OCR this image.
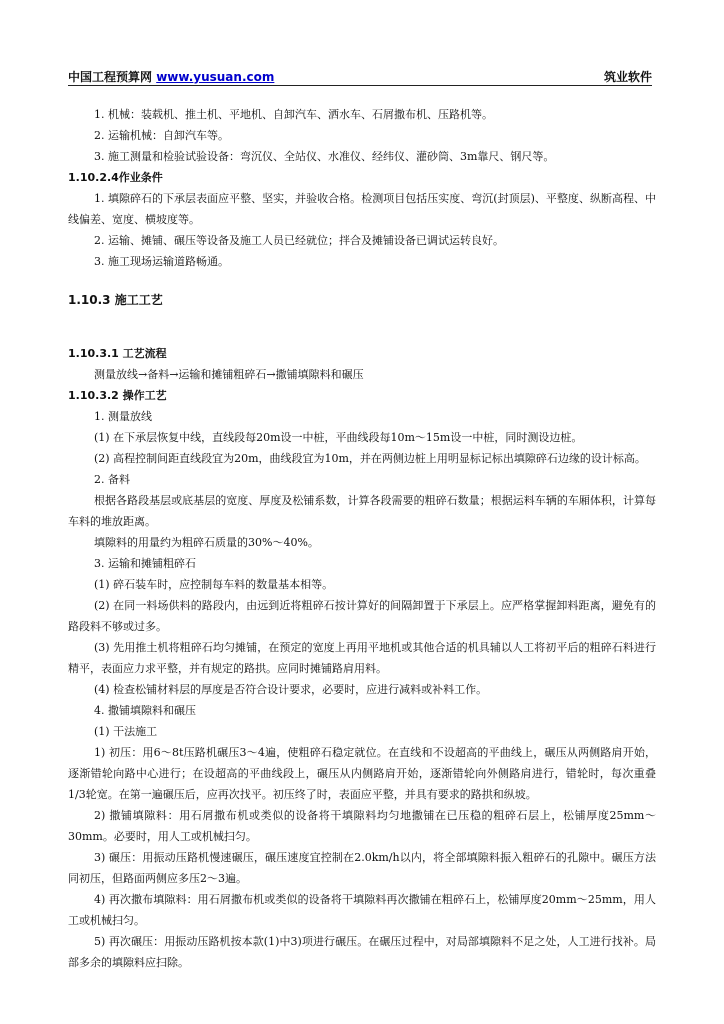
中国工程预算网 www.yusuan.com	筑业软件

1. 机械：装载机、推土机、平地机、自卸汽车、洒水车、石屑撒布机、压路机等。

2. 运输机械：自卸汽车等。

3. 施工测量和检验试验设备：弯沉仪、全站仪、水准仪、经纬仪、灌砂筒、3m靠尺、钢尺等。

1.10.2.4作业条件

1. 填隙碎石的下承层表面应平整、坚实，并验收合格。检测项目包括压实度、弯沉(封顶层)、平整度、纵断高程、中线偏差、宽度、横坡度等。

2. 运输、摊铺、碾压等设备及施工人员已经就位；拌合及摊铺设备已调试运转良好。

3. 施工现场运输道路畅通。

1.10.3 施工工艺

1.10.3.1 工艺流程

测量放线→备料→运输和摊铺粗碎石→撒铺填隙料和碾压

1.10.3.2 操作工艺

1. 测量放线

(1) 在下承层恢复中线，直线段每20m设一中桩，平曲线段每10m～15m设一中桩，同时测设边桩。

(2) 高程控制间距直线段宜为20m，曲线段宜为10m，并在两侧边桩上用明显标记标出填隙碎石边缘的设计标高。

2. 备料

根据各路段基层或底基层的宽度、厚度及松铺系数，计算各段需要的粗碎石数量；根据运料车辆的车厢体积，计算每车料的堆放距离。

填隙料的用量约为粗碎石质量的30%～40%。

3. 运输和摊铺粗碎石

(1) 碎石装车时，应控制每车料的数量基本相等。

(2) 在同一料场供料的路段内，由远到近将粗碎石按计算好的间隔卸置于下承层上。应严格掌握卸料距离，避免有的路段料不够或过多。

(3) 先用推土机将粗碎石均匀摊铺，在预定的宽度上再用平地机或其他合适的机具辅以人工将初平后的粗碎石料进行精平，表面应力求平整，并有规定的路拱。应同时摊铺路肩用料。

(4) 检查松铺材料层的厚度是否符合设计要求，必要时，应进行减料或补料工作。

4. 撒铺填隙料和碾压

(1) 干法施工

1) 初压：用6～8t压路机碾压3～4遍，使粗碎石稳定就位。在直线和不设超高的平曲线上，碾压从两侧路肩开始，逐渐错轮向路中心进行；在设超高的平曲线段上，碾压从内侧路肩开始，逐渐错轮向外侧路肩进行，错轮时，每次重叠1/3轮宽。在第一遍碾压后，应再次找平。初压终了时，表面应平整，并具有要求的路拱和纵坡。

2) 撒铺填隙料：用石屑撒布机或类似的设备将干填隙料均匀地撒铺在已压稳的粗碎石层上，松铺厚度25mm～30mm。必要时，用人工或机械扫匀。

3) 碾压：用振动压路机慢速碾压，碾压速度宜控制在2.0km/h以内，将全部填隙料振入粗碎石的孔隙中。碾压方法同初压，但路面两侧应多压2～3遍。

4) 再次撒布填隙料：用石屑撒布机或类似的设备将干填隙料再次撒铺在粗碎石上，松铺厚度20mm～25mm，用人工或机械扫匀。

5) 再次碾压：用振动压路机按本款(1)中3)项进行碾压。在碾压过程中，对局部填隙料不足之处，人工进行找补。局部多余的填隙料应扫除。
